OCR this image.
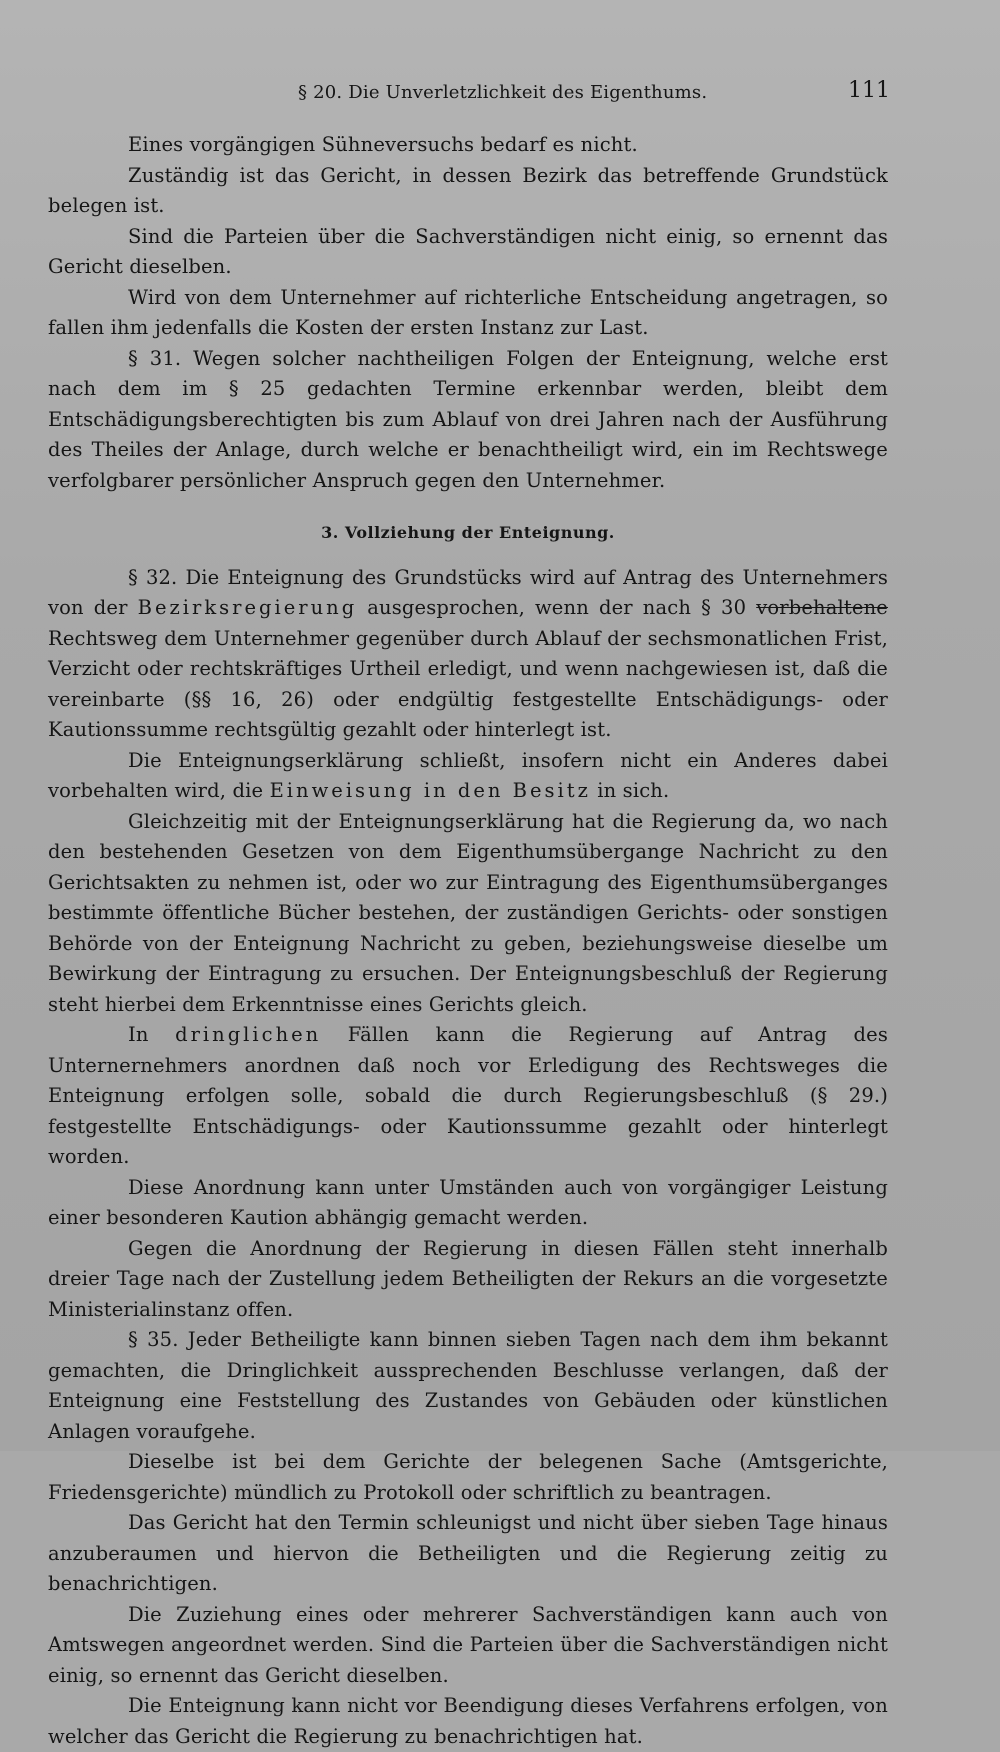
§ 20. Die Unverletzlichkeit des Eigenthums.	111

Eines vorgängigen Sühneversuchs bedarf es nicht.

Zuständig ist das Gericht, in dessen Bezirk das betreffende Grundstück belegen ist.

Sind die Parteien über die Sachverständigen nicht einig, so ernennt das Gericht dieselben.

Wird von dem Unternehmer auf richterliche Entscheidung angetragen, so fallen ihm jedenfalls die Kosten der ersten Instanz zur Last.

§ 31. Wegen solcher nachtheiligen Folgen der Enteignung, welche erst nach dem im § 25 gedachten Termine erkennbar werden, bleibt dem Entschädigungsberechtigten bis zum Ablauf von drei Jahren nach der Ausführung des Theiles der Anlage, durch welche er benachtheiligt wird, ein im Rechtswege verfolgbarer persönlicher Anspruch gegen den Unternehmer.

3. Vollziehung der Enteignung.

§ 32. Die Enteignung des Grundstücks wird auf Antrag des Unternehmers von der Bezirksregierung ausgesprochen, wenn der nach § 30 vorbehaltene Rechtsweg dem Unternehmer gegenüber durch Ablauf der sechsmonatlichen Frist, Verzicht oder rechtskräftiges Urtheil erledigt, und wenn nachgewiesen ist, daß die vereinbarte (§§ 16, 26) oder endgültig festgestellte Entschädigungs- oder Kautionssumme rechtsgültig gezahlt oder hinterlegt ist.

Die Enteignungserklärung schließt, insofern nicht ein Anderes dabei vorbehalten wird, die Einweisung in den Besitz in sich.

Gleichzeitig mit der Enteignungserklärung hat die Regierung da, wo nach den bestehenden Gesetzen von dem Eigenthumsübergange Nachricht zu den Gerichtsakten zu nehmen ist, oder wo zur Eintragung des Eigenthumsüberganges bestimmte öffentliche Bücher bestehen, der zuständigen Gerichts- oder sonstigen Behörde von der Enteignung Nachricht zu geben, beziehungsweise dieselbe um Bewirkung der Eintragung zu ersuchen. Der Enteignungsbeschluß der Regierung steht hierbei dem Erkenntnisse eines Gerichts gleich.

In dringlichen Fällen kann die Regierung auf Antrag des Unternernehmers anordnen daß noch vor Erledigung des Rechtsweges die Enteignung erfolgen solle, sobald die durch Regierungsbeschluß (§ 29.) festgestellte Entschädigungs- oder Kautionssumme gezahlt oder hinterlegt worden.

Diese Anordnung kann unter Umständen auch von vorgängiger Leistung einer besonderen Kaution abhängig gemacht werden.

Gegen die Anordnung der Regierung in diesen Fällen steht innerhalb dreier Tage nach der Zustellung jedem Betheiligten der Rekurs an die vorgesetzte Ministerialinstanz offen.

§ 35. Jeder Betheiligte kann binnen sieben Tagen nach dem ihm bekannt gemachten, die Dringlichkeit aussprechenden Beschlusse verlangen, daß der Enteignung eine Feststellung des Zustandes von Gebäuden oder künstlichen Anlagen voraufgehe.

Dieselbe ist bei dem Gerichte der belegenen Sache (Amtsgerichte, Friedensgerichte) mündlich zu Protokoll oder schriftlich zu beantragen.

Das Gericht hat den Termin schleunigst und nicht über sieben Tage hinaus anzuberaumen und hiervon die Betheiligten und die Regierung zeitig zu benachrichtigen.

Die Zuziehung eines oder mehrerer Sachverständigen kann auch von Amtswegen angeordnet werden. Sind die Parteien über die Sachverständigen nicht einig, so ernennt das Gericht dieselben.

Die Enteignung kann nicht vor Beendigung dieses Verfahrens erfolgen, von welcher das Gericht die Regierung zu benachrichtigen hat.
